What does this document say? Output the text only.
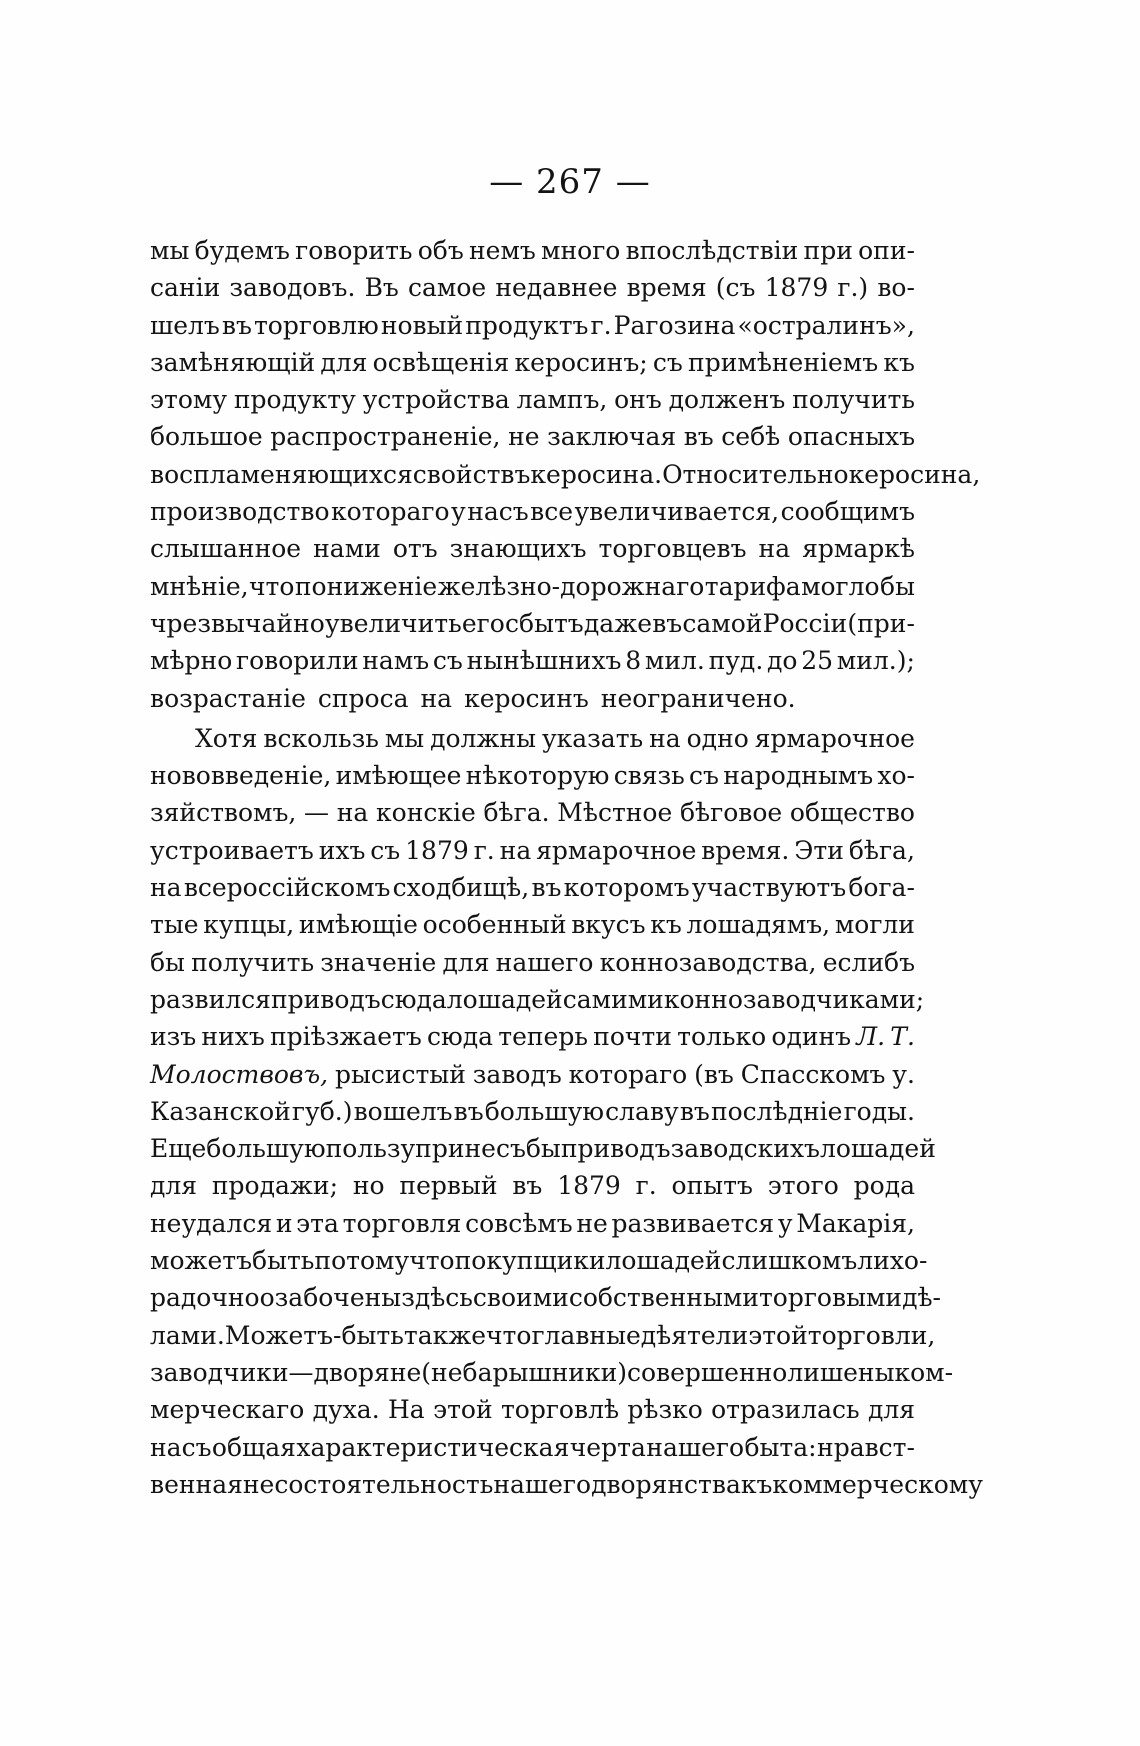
— 267 —
мы будемъ говорить объ немъ много впослѣдствіи при опи-
саніи заводовъ. Въ самое недавнее время (съ 1879 г.) во-
шелъ въ торговлю новый продуктъ г. Рагозина «остралинъ»,
замѣняющій для освѣщенія керосинъ; съ примѣненіемъ къ
этому продукту устройства лампъ, онъ долженъ получить
большое распространеніе, не заключая въ себѣ опасныхъ
воспламеняющихся свойствъ керосина. Относительно керосина,
производство котораго у насъ все увеличивается, сообщимъ
слышанное нами отъ знающихъ торговцевъ на ярмаркѣ
мнѣніе, что пониженіе желѣзно-дорожнаго тарифа могло бы
чрезвычайно увеличить его сбытъ даже въ самой Россіи (при-
мѣрно говорили намъ съ нынѣшнихъ 8 мил. пуд. до 25 мил.);
возрастаніе спроса на керосинъ неограничено.
Хотя вскользь мы должны указать на одно ярмарочное
нововведеніе, имѣющее нѣкоторую связь съ народнымъ хо-
зяйствомъ, — на конскіе бѣга. Мѣстное бѣговое общество
устроиваетъ ихъ съ 1879 г. на ярмарочное время. Эти бѣга,
на всероссійскомъ сходбищѣ, въ которомъ участвуютъ бога-
тые купцы, имѣющіе особенный вкусъ къ лошадямъ, могли
бы получить значеніе для нашего коннозаводства, еслибъ
развился приводъ сюда лошадей самими коннозаводчиками;
изъ нихъ пріѣзжаетъ сюда теперь почти только одинъ Л. Т.
Молоствовъ, рысистый заводъ котораго (въ Спасскомъ у.
Казанской губ.) вошелъ въ большую славу въ послѣдніе годы.
Еще большую пользу принесъ бы приводъ заводскихъ лошадей
для продажи; но первый въ 1879 г. опытъ этого рода
неудался и эта торговля совсѣмъ не развивается у Макарія,
можетъ быть потому что покупщики лошадей слишкомъ лихо-
радочно озабочены здѣсь своими собственными торговыми дѣ-
лами. Можетъ-быть также что главные дѣятели этой торговли,
заводчики—дворяне (не барышники) совершенно лишены ком-
мерческаго духа. На этой торговлѣ рѣзко отразилась для
насъ общая характеристическая черта нашего быта: нравст-
венная несостоятельность нашего дворянства къ коммерческому
